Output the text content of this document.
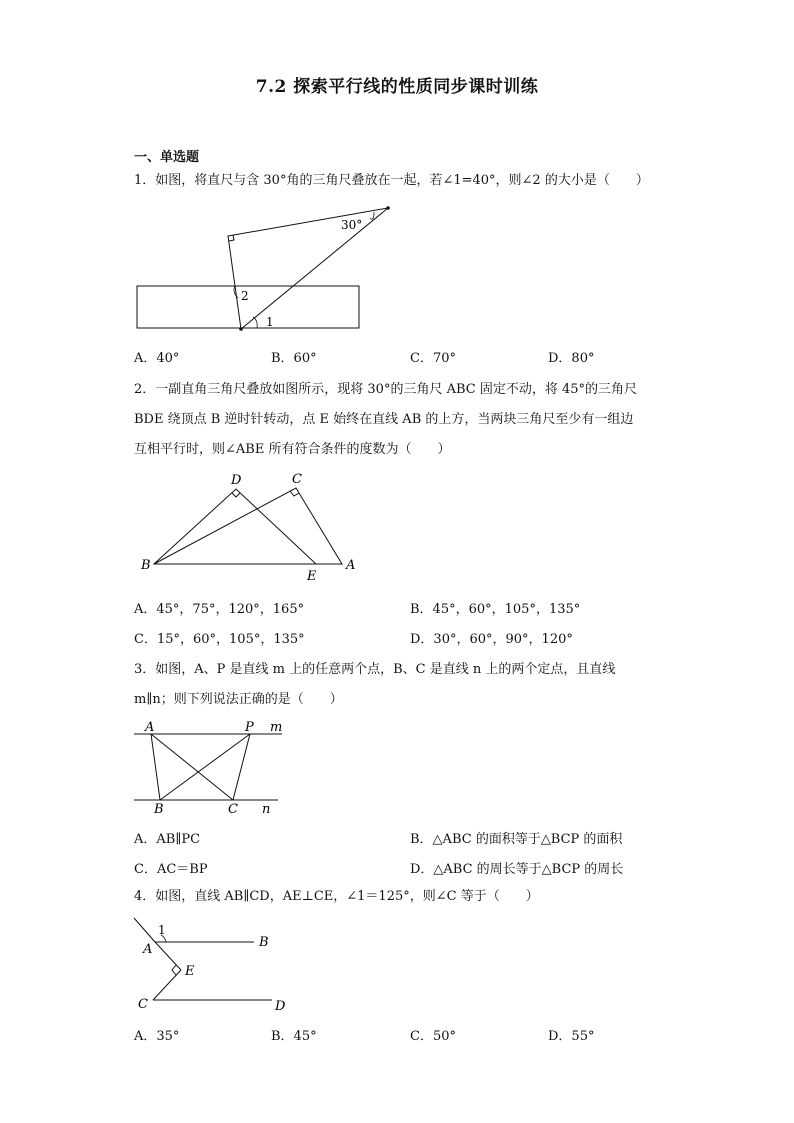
7.2 探索平行线的性质同步课时训练
一、单选题
1．如图，将直尺与含 30°角的三角尺叠放在一起，若∠1=40°，则∠2 的大小是（　　）
30°
2
1
A．40°	B．60°	C．70°	D．80°
2．一副直角三角尺叠放如图所示，现将 30°的三角尺 ABC 固定不动，将 45°的三角尺
BDE 绕顶点 B 逆时针转动，点 E 始终在直线 AB 的上方，当两块三角尺至少有一组边
互相平行时，则∠ABE 所有符合条件的度数为（　　）
D	C
B
E
A
A．45°，75°，120°，165°	B．45°，60°，105°，135°
C．15°，60°，105°，135°	D．30°，60°，90°，120°
3．如图，A、P 是直线 m 上的任意两个点，B、C 是直线 n 上的两个定点，且直线
m∥n；则下列说法正确的是（　　）
A	P m
B	C n
A．AB∥PC	B．△ABC 的面积等于△BCP 的面积
C．AC＝BP	D．△ABC 的周长等于△BCP 的周长
4．如图，直线 AB∥CD，AE⊥CE，∠1＝125°，则∠C 等于（　　）
1
A	B
E
C	D
A．35°	B．45°	C．50°	D．55°
